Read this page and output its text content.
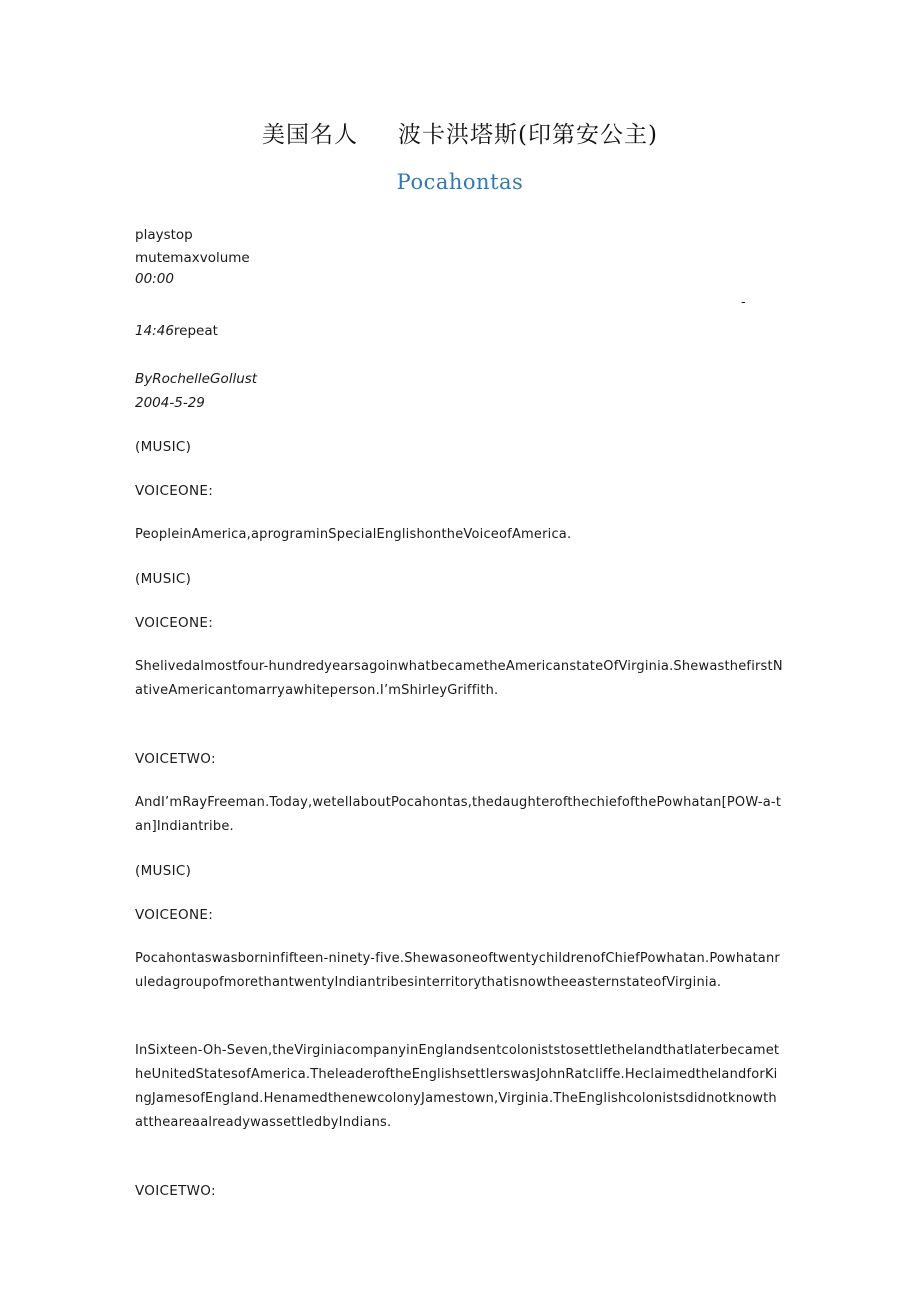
美国名人 波卡洪塔斯(印第安公主)
Pocahontas
playstop
mutemaxvolume
00:00
-
14:46repeat
ByRochelleGollust
2004-5-29
(MUSIC)
VOICEONE:
PeopleinAmerica,aprograminSpecialEnglishontheVoiceofAmerica.
(MUSIC)
VOICEONE:
Shelivedalmostfour-hundredyearsagoinwhatbecametheAmericanstateOfVirginia.ShewasthefirstNativeAmericantomarryawhiteperson.I’mShirleyGriffith.
VOICETWO:
AndI’mRayFreeman.Today,wetellaboutPocahontas,thedaughterofthechiefofthePowhatan[POW-a-tan]Indiantribe.
(MUSIC)
VOICEONE:
Pocahontaswasborninfifteen-ninety-five.ShewasoneoftwentychildrenofChiefPowhatan.PowhatanruledagroupofmorethantwentyIndiantribesinterritorythatisnowtheeasternstateofVirginia.
InSixteen-Oh-Seven,theVirginiacompanyinEnglandsentcoloniststosettlethelandthatlaterbecametheUnitedStatesofAmerica.TheleaderoftheEnglishsettlerswasJohnRatcliffe.HeclaimedthelandforKingJamesofEngland.HenamedthenewcolonyJamestown,Virginia.TheEnglishcolonistsdidnotknowthattheareaalreadywassettledbyIndians.
VOICETWO:
